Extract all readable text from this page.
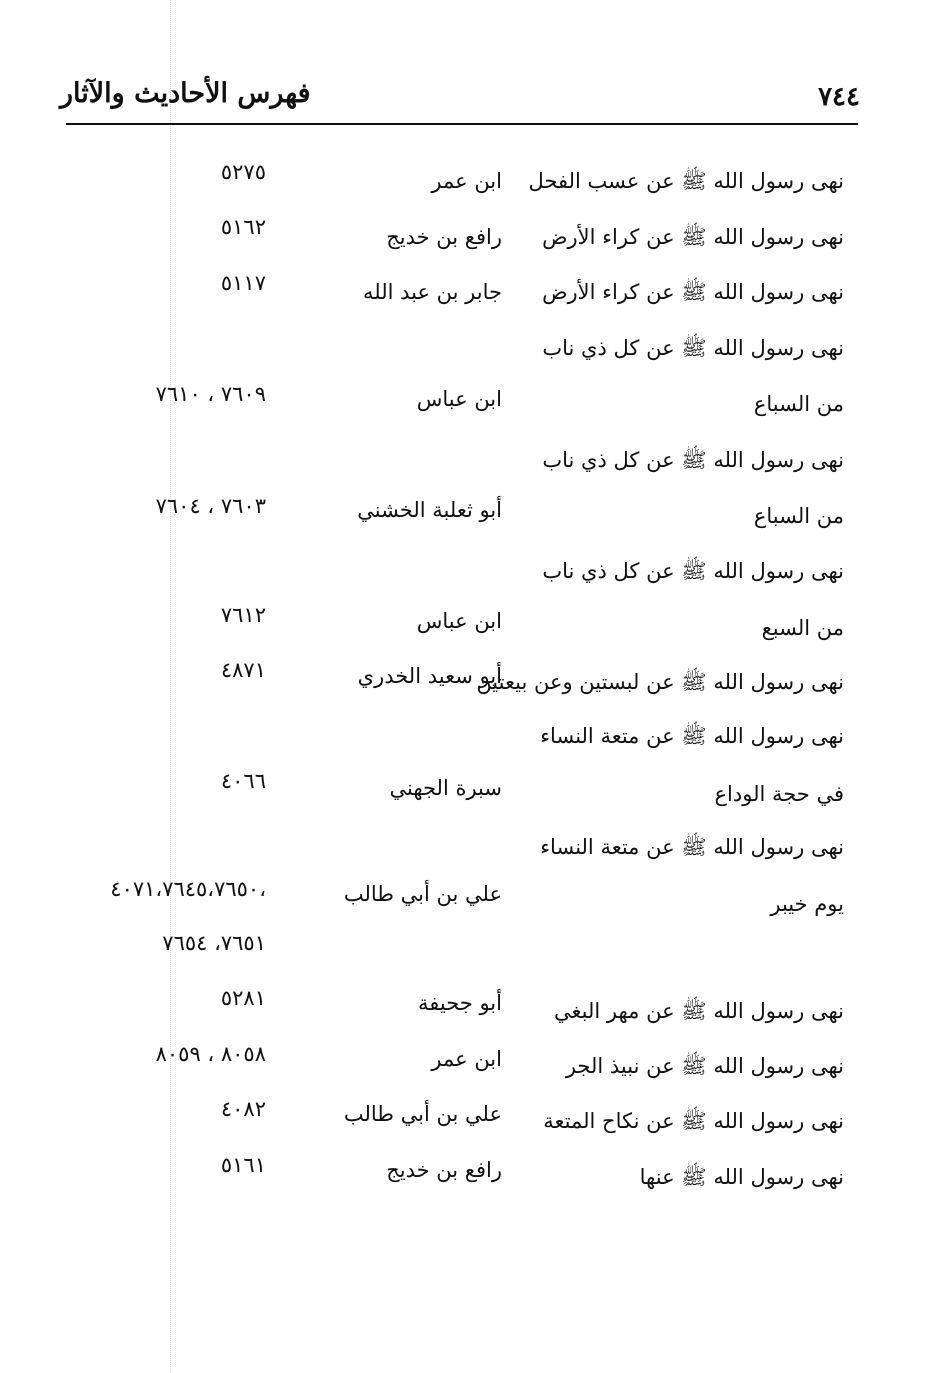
فهرس الأحاديث والآثار	٧٤٤
نهى رسول الله ﷺ عن عسب الفحل
ابن عمر
٥٢٧٥
نهى رسول الله ﷺ عن كراء الأرض
رافع بن خديج
٥١٦٢
نهى رسول الله ﷺ عن كراء الأرض
جابر بن عبد الله
٥١١٧
نهى رسول الله ﷺ عن كل ذي ناب
من السباع
ابن عباس
٧٦٠٩ ، ٧٦١٠
نهى رسول الله ﷺ عن كل ذي ناب
من السباع
أبو ثعلبة الخشني
٧٦٠٣ ، ٧٦٠٤
نهى رسول الله ﷺ عن كل ذي ناب
من السبع
ابن عباس
٧٦١٢
نهى رسول الله ﷺ عن لبستين وعن بيعتين
أبو سعيد الخدري
٤٨٧١
نهى رسول الله ﷺ عن متعة النساء
في حجة الوداع
سبرة الجهني
٤٠٦٦
نهى رسول الله ﷺ عن متعة النساء
يوم خيبر
علي بن أبي طالب
٤٠٧١،٧٦٤٥،٧٦٥٠،
٧٦٥١، ٧٦٥٤
نهى رسول الله ﷺ عن مهر البغي
أبو جحيفة
٥٢٨١
نهى رسول الله ﷺ عن نبيذ الجر
ابن عمر
٨٠٥٨ ، ٨٠٥٩
نهى رسول الله ﷺ عن نكاح المتعة
علي بن أبي طالب
٤٠٨٢
نهى رسول الله ﷺ عنها
رافع بن خديج
٥١٦١
